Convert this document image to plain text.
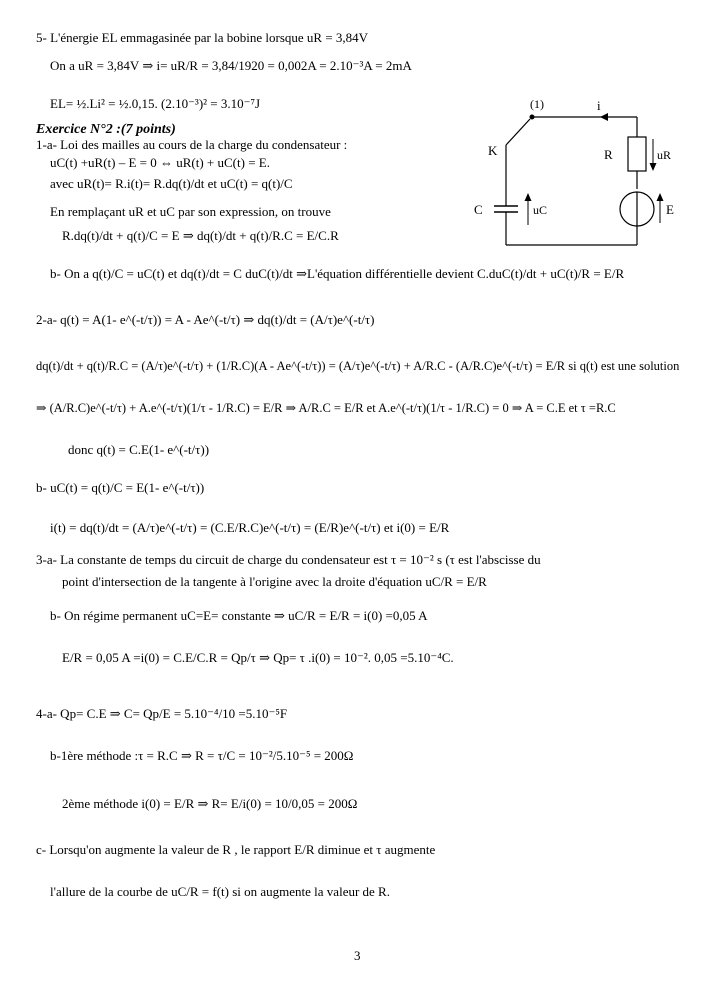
5- L'énergie EL emmagasinée par la bobine lorsque uR = 3,84V
On a uR = 3,84V ⇒ i= uR/R = 3,84/1920 = 0,002A = 2.10⁻³A = 2mA
EL= ½.Li² = ½.0,15. (2.10⁻³)² = 3.10⁻⁷J
Exercice N°2 :(7 points)
1-a- Loi des mailles au cours de la charge du condensateur :
uC(t) +uR(t) – E = 0 ⇔ uR(t) + uC(t) = E.
avec uR(t)= R.i(t)= R.dq(t)/dt et uC(t) = q(t)/C
En remplaçant uR et uC par son expression, on trouve
R.dq(t)/dt + q(t)/C = E ⇒ dq(t)/dt + q(t)/R.C = E/C.R
b- On a q(t)/C = uC(t) et dq(t)/dt = C duC(t)/dt ⇒L'équation différentielle devient C.duC(t)/dt + uC(t)/R = E/R
2-a- q(t) = A(1- e^(-t/τ)) = A - Ae^(-t/τ) ⇒ dq(t)/dt = (A/τ)e^(-t/τ)
dq(t)/dt + q(t)/R.C = (A/τ)e^(-t/τ) + (1/R.C)(A - Ae^(-t/τ)) = (A/τ)e^(-t/τ) + A/R.C - (A/R.C)e^(-t/τ) = E/R si q(t) est une solution
⇒ (A/R.C)e^(-t/τ) + A.e^(-t/τ)(1/τ - 1/R.C) = E/R ⇒ A/R.C = E/R et A.e^(-t/τ)(1/τ - 1/R.C) = 0 ⇒ A = C.E et τ =R.C
donc q(t) = C.E(1- e^(-t/τ))
b- uC(t) = q(t)/C = E(1- e^(-t/τ))
i(t) = dq(t)/dt = (A/τ)e^(-t/τ) = (C.E/R.C)e^(-t/τ) = (E/R)e^(-t/τ) et i(0) = E/R
3-a- La constante de temps du circuit de charge du condensateur est τ = 10⁻² s (τ est l'abscisse du
point d'intersection de la tangente à l'origine avec la droite d'équation uC/R = E/R
b- On régime permanent uC=E= constante ⇒ uC/R = E/R = i(0) =0,05 A
E/R = 0,05 A =i(0) = C.E/C.R = Qp/τ ⇒ Qp= τ .i(0) = 10⁻². 0,05 =5.10⁻⁴C.
4-a- Qp= C.E ⇒ C= Qp/E = 5.10⁻⁴/10 =5.10⁻⁵F
b-1ère méthode :τ = R.C ⇒ R = τ/C = 10⁻²/5.10⁻⁵ = 200Ω
2ème méthode i(0) = E/R ⇒ R= E/i(0) = 10/0,05 = 200Ω
c- Lorsqu'on augmente la valeur de R , le rapport E/R diminue et τ augmente
l'allure de la courbe de uC/R = f(t) si on augmente la valeur de R.
3
(1)	i
K	R	uR
C	uC	E
